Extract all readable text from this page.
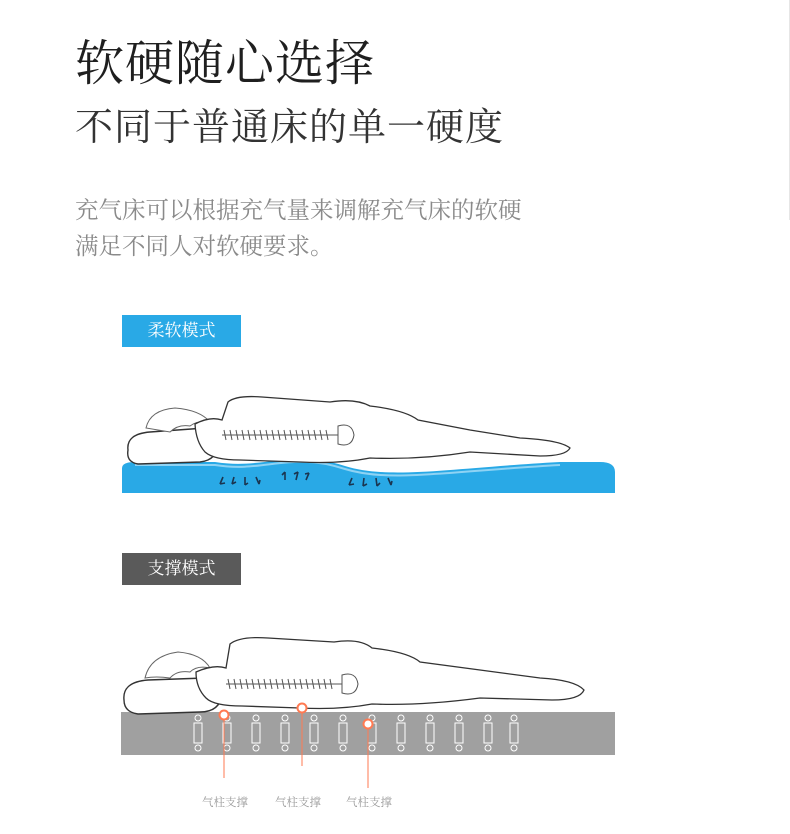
软硬随心选择
不同于普通床的单一硬度

充气床可以根据充气量来调解充气床的软硬
满足不同人对软硬要求。

柔软模式
支撑模式
气柱支撑 气柱支撑 气柱支撑
